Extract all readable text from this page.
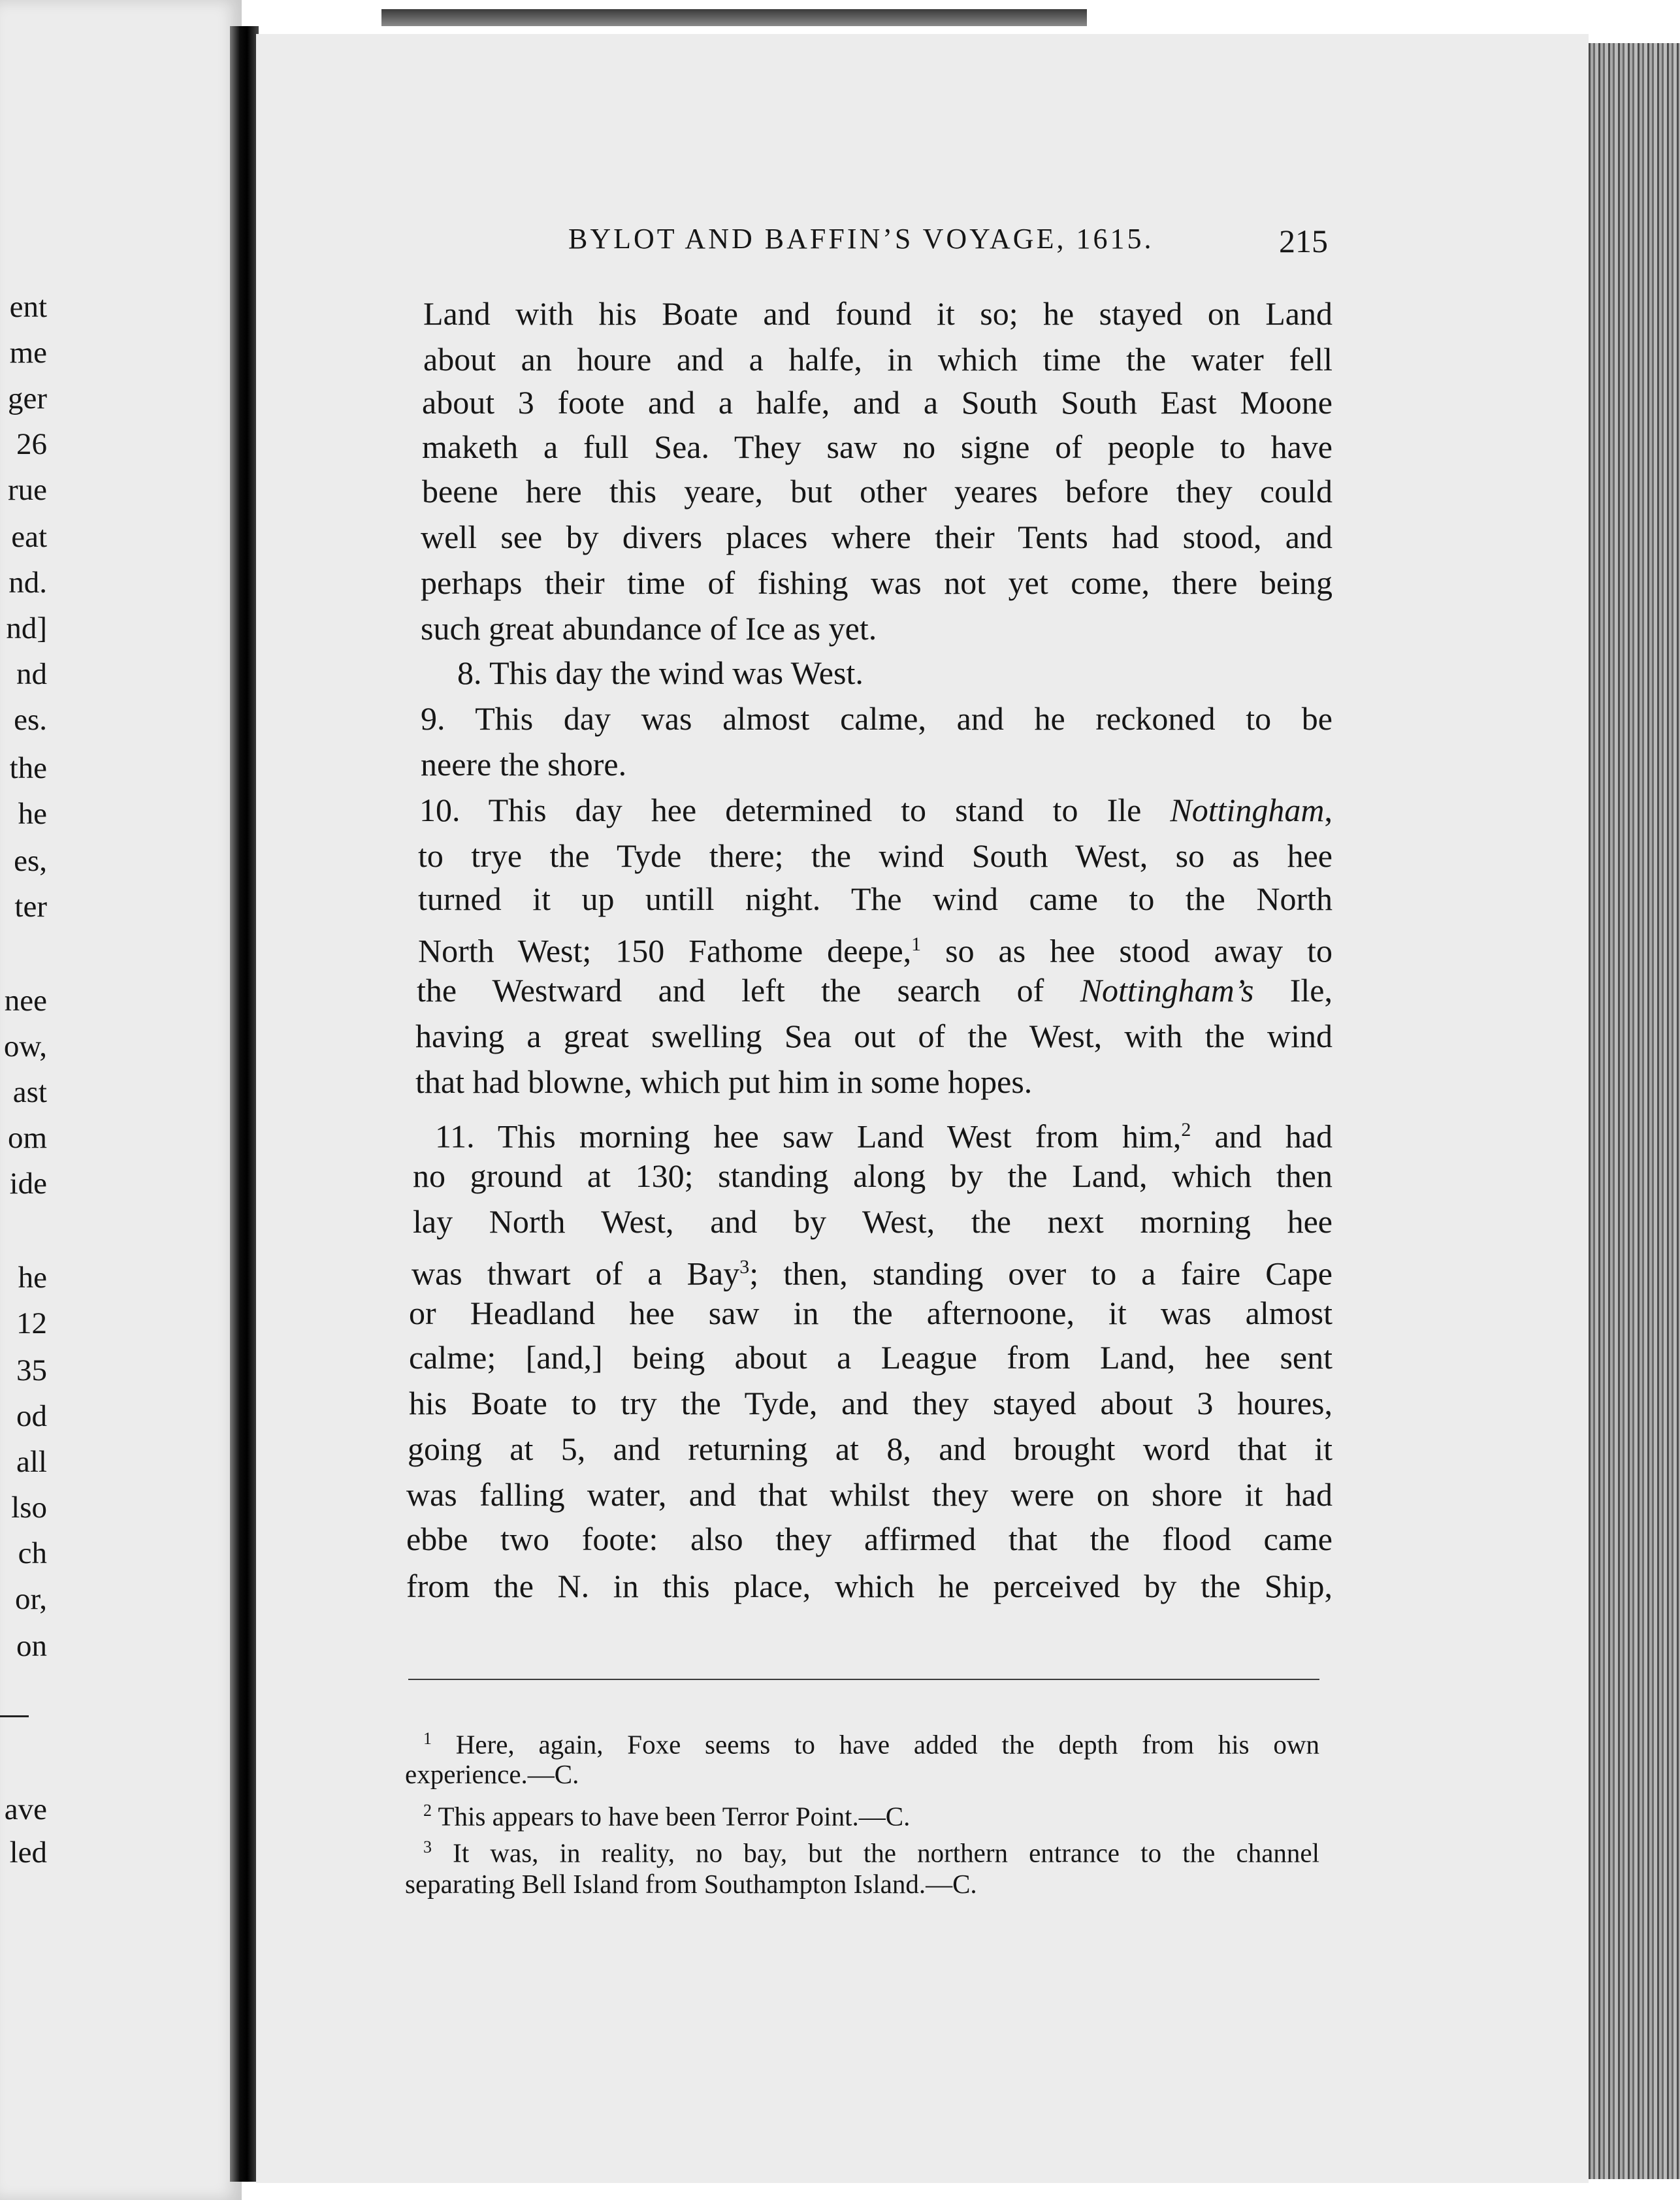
ent
me
ger
26
rue
eat
nd.
nd]
nd
es.
the
he
es,
ter
nee
ow,
ast
om
ide
he
12
35
od
all
lso
ch
or,
on
ave
led
BYLOT AND BAFFIN’S VOYAGE, 1615.	215
Land with his Boate and found it so; he stayed on Land
about an houre and a halfe, in which time the water fell
about 3 foote and a halfe, and a South South East Moone
maketh a full Sea. They saw no signe of people to have
beene here this yeare, but other yeares before they could
well see by divers places where their Tents had stood, and
perhaps their time of fishing was not yet come, there being
such great abundance of Ice as yet.
8. This day the wind was West.
9. This day was almost calme, and he reckoned to be
neere the shore.
10. This day hee determined to stand to Ile Nottingham,
to trye the Tyde there; the wind South West, so as hee
turned it up untill night. The wind came to the North
North West; 150 Fathome deepe,$^1$ so as hee stood away to
the Westward and left the search of Nottingham’s Ile,
having a great swelling Sea out of the West, with the wind
that had blowne, which put him in some hopes.
11. This morning hee saw Land West from him,$^2$ and had
no ground at 130; standing along by the Land, which then
lay North West, and by West, the next morning hee
was thwart of a Bay$^3$; then, standing over to a faire Cape
or Headland hee saw in the afternoone, it was almost
calme; [and,] being about a League from Land, hee sent
his Boate to try the Tyde, and they stayed about 3 houres,
going at 5, and returning at 8, and brought word that it
was falling water, and that whilst they were on shore it had
ebbe two foote: also they affirmed that the flood came
from the N. in this place, which he perceived by the Ship,
$^1$ Here, again, Foxe seems to have added the depth from his own
experience.—C.
$^2$ This appears to have been Terror Point.—C.
$^3$ It was, in reality, no bay, but the northern entrance to the channel
separating Bell Island from Southampton Island.—C.
